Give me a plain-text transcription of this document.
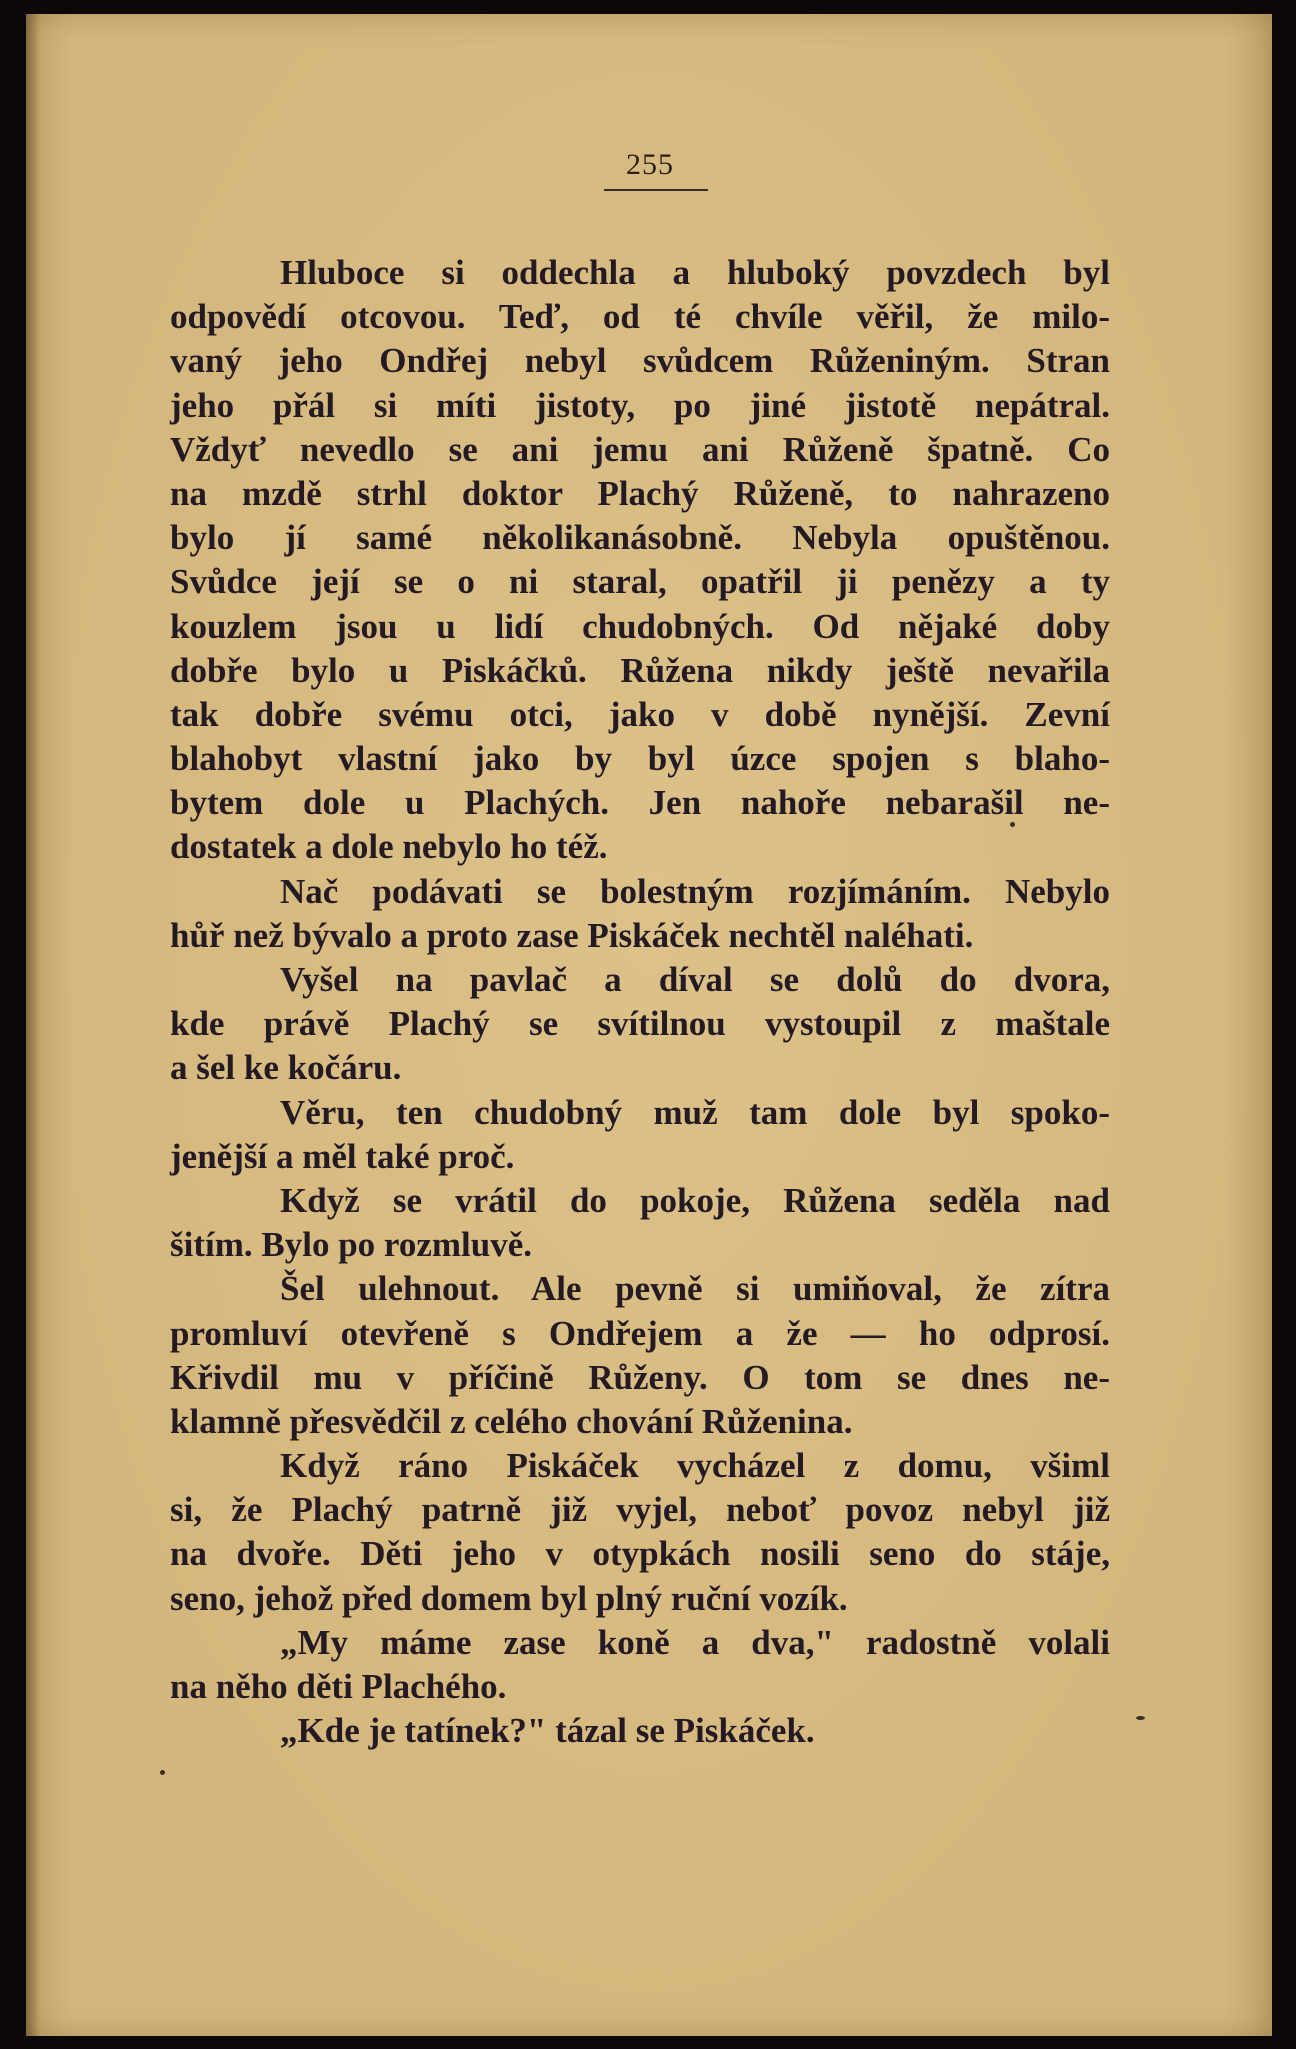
255
Hluboce si oddechla a hluboký povzdech byl
odpovědí otcovou. Teď, od té chvíle věřil, že milo-
vaný jeho Ondřej nebyl svůdcem Růženiným. Stran
jeho přál si míti jistoty, po jiné jistotě nepátral.
Vždyť nevedlo se ani jemu ani Růženě špatně. Co
na mzdě strhl doktor Plachý Růženě, to nahrazeno
bylo jí samé několikanásobně. Nebyla opuštěnou.
Svůdce její se o ni staral, opatřil ji penězy a ty
kouzlem jsou u lidí chudobných. Od nějaké doby
dobře bylo u Piskáčků. Růžena nikdy ještě nevařila
tak dobře svému otci, jako v době nynější. Zevní
blahobyt vlastní jako by byl úzce spojen s blaho-
bytem dole u Plachých. Jen nahoře nebarašil ne-
dostatek a dole nebylo ho též.
Nač podávati se bolestným rozjímáním. Nebylo
hůř než bývalo a proto zase Piskáček nechtěl naléhati.
Vyšel na pavlač a díval se dolů do dvora,
kde právě Plachý se svítilnou vystoupil z maštale
a šel ke kočáru.
Věru, ten chudobný muž tam dole byl spoko-
jenější a měl také proč.
Když se vrátil do pokoje, Růžena seděla nad
šitím. Bylo po rozmluvě.
Šel ulehnout. Ale pevně si umiňoval, že zítra
promluví otevřeně s Ondřejem a že — ho odprosí.
Křivdil mu v příčině Růženy. O tom se dnes ne-
klamně přesvědčil z celého chování Růženina.
Když ráno Piskáček vycházel z domu, všiml
si, že Plachý patrně již vyjel, neboť povoz nebyl již
na dvoře. Děti jeho v otypkách nosili seno do stáje,
seno, jehož před domem byl plný ruční vozík.
„My máme zase koně a dva," radostně volali
na něho děti Plachého.
„Kde je tatínek?" tázal se Piskáček.
